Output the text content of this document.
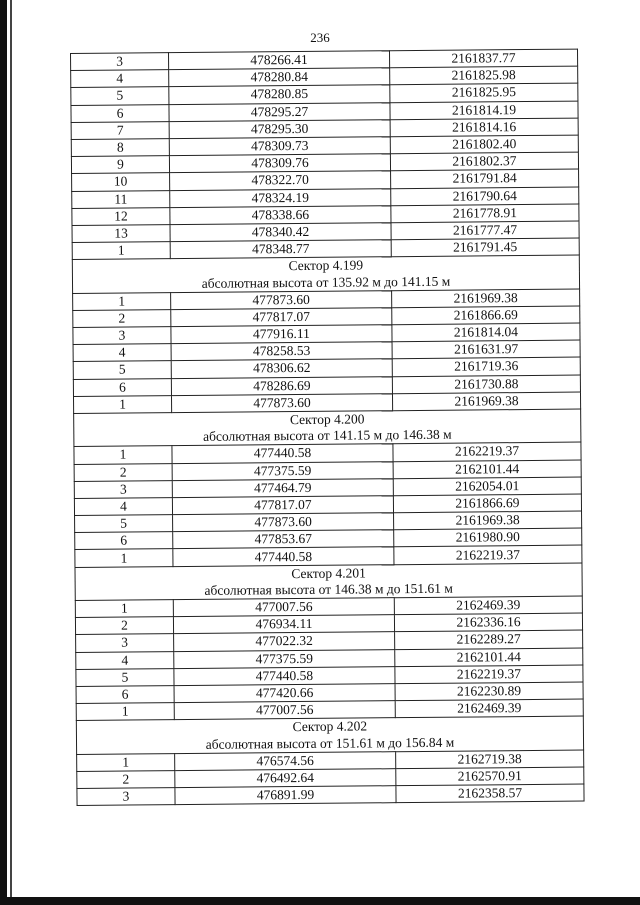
236
3	478266.41	2161837.77
4	478280.84	2161825.98
5	478280.85	2161825.95
6	478295.27	2161814.19
7	478295.30	2161814.16
8	478309.73	2161802.40
9	478309.76	2161802.37
10	478322.70	2161791.84
11	478324.19	2161790.64
12	478338.66	2161778.91
13	478340.42	2161777.47
1	478348.77	2161791.45
Сектор 4.199		
абсолютная высота от 135.92 м до 141.15 м		
1	477873.60	2161969.38
2	477817.07	2161866.69
3	477916.11	2161814.04
4	478258.53	2161631.97
5	478306.62	2161719.36
6	478286.69	2161730.88
1	477873.60	2161969.38
Сектор 4.200		
абсолютная высота от 141.15 м до 146.38 м		
1	477440.58	2162219.37
2	477375.59	2162101.44
3	477464.79	2162054.01
4	477817.07	2161866.69
5	477873.60	2161969.38
6	477853.67	2161980.90
1	477440.58	2162219.37
Сектор 4.201		
абсолютная высота от 146.38 м до 151.61 м		
1	477007.56	2162469.39
2	476934.11	2162336.16
3	477022.32	2162289.27
4	477375.59	2162101.44
5	477440.58	2162219.37
6	477420.66	2162230.89
1	477007.56	2162469.39
Сектор 4.202		
абсолютная высота от 151.61 м до 156.84 м		
1	476574.56	2162719.38
2	476492.64	2162570.91
3	476891.99	2162358.57
